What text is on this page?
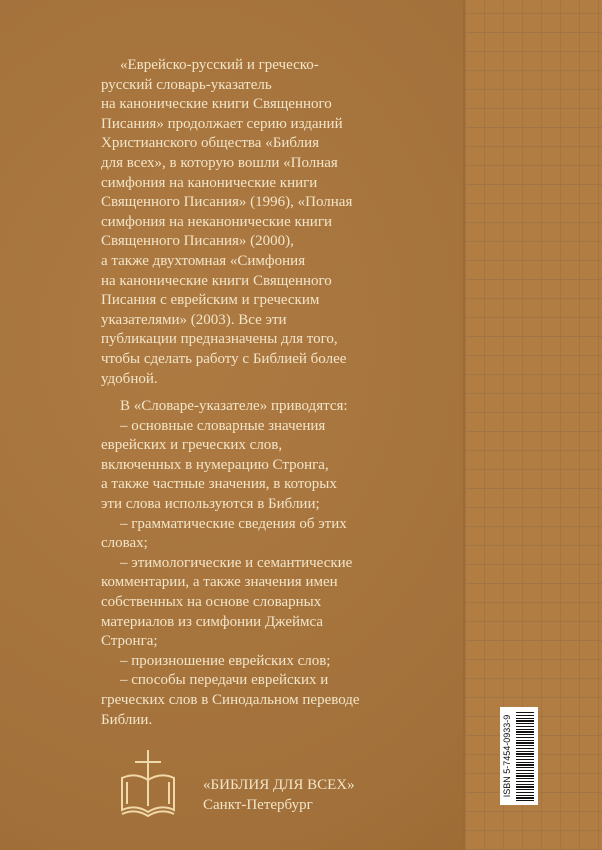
«Еврейско-русский и греческо-
русский словарь-указатель
на канонические книги Священного
Писания» продолжает серию изданий
Христианского общества «Библия
для всех», в которую вошли «Полная
симфония на канонические книги
Священного Писания» (1996), «Полная
симфония на неканонические книги
Священного Писания» (2000),
а также двухтомная «Симфония
на канонические книги Священного
Писания с еврейским и греческим
указателями» (2003). Все эти
публикации предназначены для того,
чтобы сделать работу с Библией более
удобной.
В «Словаре-указателе» приводятся:
– основные словарные значения
еврейских и греческих слов,
включенных в нумерацию Стронга,
а также частные значения, в которых
эти слова используются в Библии;
– грамматические сведения об этих
словах;
– этимологические и семантические
комментарии, а также значения имен
собственных на основе словарных
материалов из симфонии Джеймса
Стронга;
– произношение еврейских слов;
– способы передачи еврейских и
греческих слов в Синодальном переводе
Библии.
«БИБЛИЯ ДЛЯ ВСЕХ»
Санкт-Петербург
ISBN 5-7454-0933-9
